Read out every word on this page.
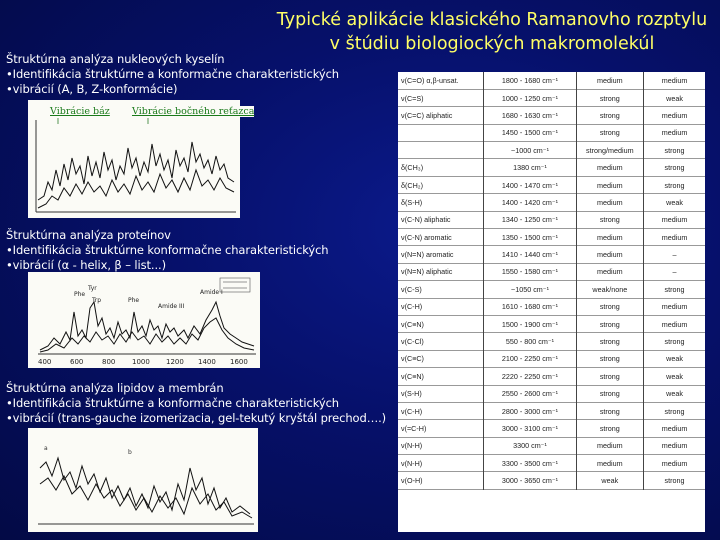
Typické aplikácie klasického Ramanovho rozptylu
v štúdiu biologiockých makromolekúl
Štruktúrna analýza nukleových kyselín
•Identifikácia štruktúrne a konformačne charakteristických
•vibrácií (A, B, Z-konformácie)
Vibrácie báz Vibrácie bočného reťazca
Štruktúrna analýza proteínov
•Identifikácia štruktúrne konformačne charakteristických
•vibrácií (α - helix, β – list...)
Phe
Tyr
Trp	Phe
Amide III
Amide I
400	600	800 1000 1200 1400 1600
Štruktúrna analýza lipidov a membrán
•Identifikácia štruktúrne a konformačne charakteristických
•vibrácií (trans-gauche izomerizacia, gel-tekutý kryštál prechod….)
a
b
ν(C=O) α,β-unsat.	1800 - 1680 cm⁻¹	medium	medium
ν(C=S)	1000 - 1250 cm⁻¹	strong	weak
ν(C=C) aliphatic	1680 - 1630 cm⁻¹	strong	medium
	1450 - 1500 cm⁻¹	strong	medium
	~1000 cm⁻¹	strong/medium	strong
δ(CH₃)	1380 cm⁻¹	medium	strong
δ(CH₂)	1400 - 1470 cm⁻¹	medium	strong
δ(S-H)	1400 - 1420 cm⁻¹	medium	weak
ν(C-N) aliphatic	1340 - 1250 cm⁻¹	strong	medium
ν(C-N) aromatic	1350 - 1500 cm⁻¹	medium	medium
ν(N=N) aromatic	1410 - 1440 cm⁻¹	medium	–
ν(N=N) aliphatic	1550 - 1580 cm⁻¹	medium	–
ν(C-S)	~1050 cm⁻¹	weak/none	strong
ν(C-H)	1610 - 1680 cm⁻¹	strong	medium
ν(C≡N)	1500 - 1900 cm⁻¹	strong	medium
ν(C-Cl)	550 - 800 cm⁻¹	strong	strong
ν(C≡C)	2100 - 2250 cm⁻¹	strong	weak
ν(C≡N)	2220 - 2250 cm⁻¹	strong	weak
ν(S-H)	2550 - 2600 cm⁻¹	strong	weak
ν(C-H)	2800 - 3000 cm⁻¹	strong	strong
ν(=C-H)	3000 - 3100 cm⁻¹	strong	medium
ν(N-H)	3300 cm⁻¹	medium	medium
ν(N-H)	3300 - 3500 cm⁻¹	medium	medium
ν(O-H)	3000 - 3650 cm⁻¹	weak	strong
